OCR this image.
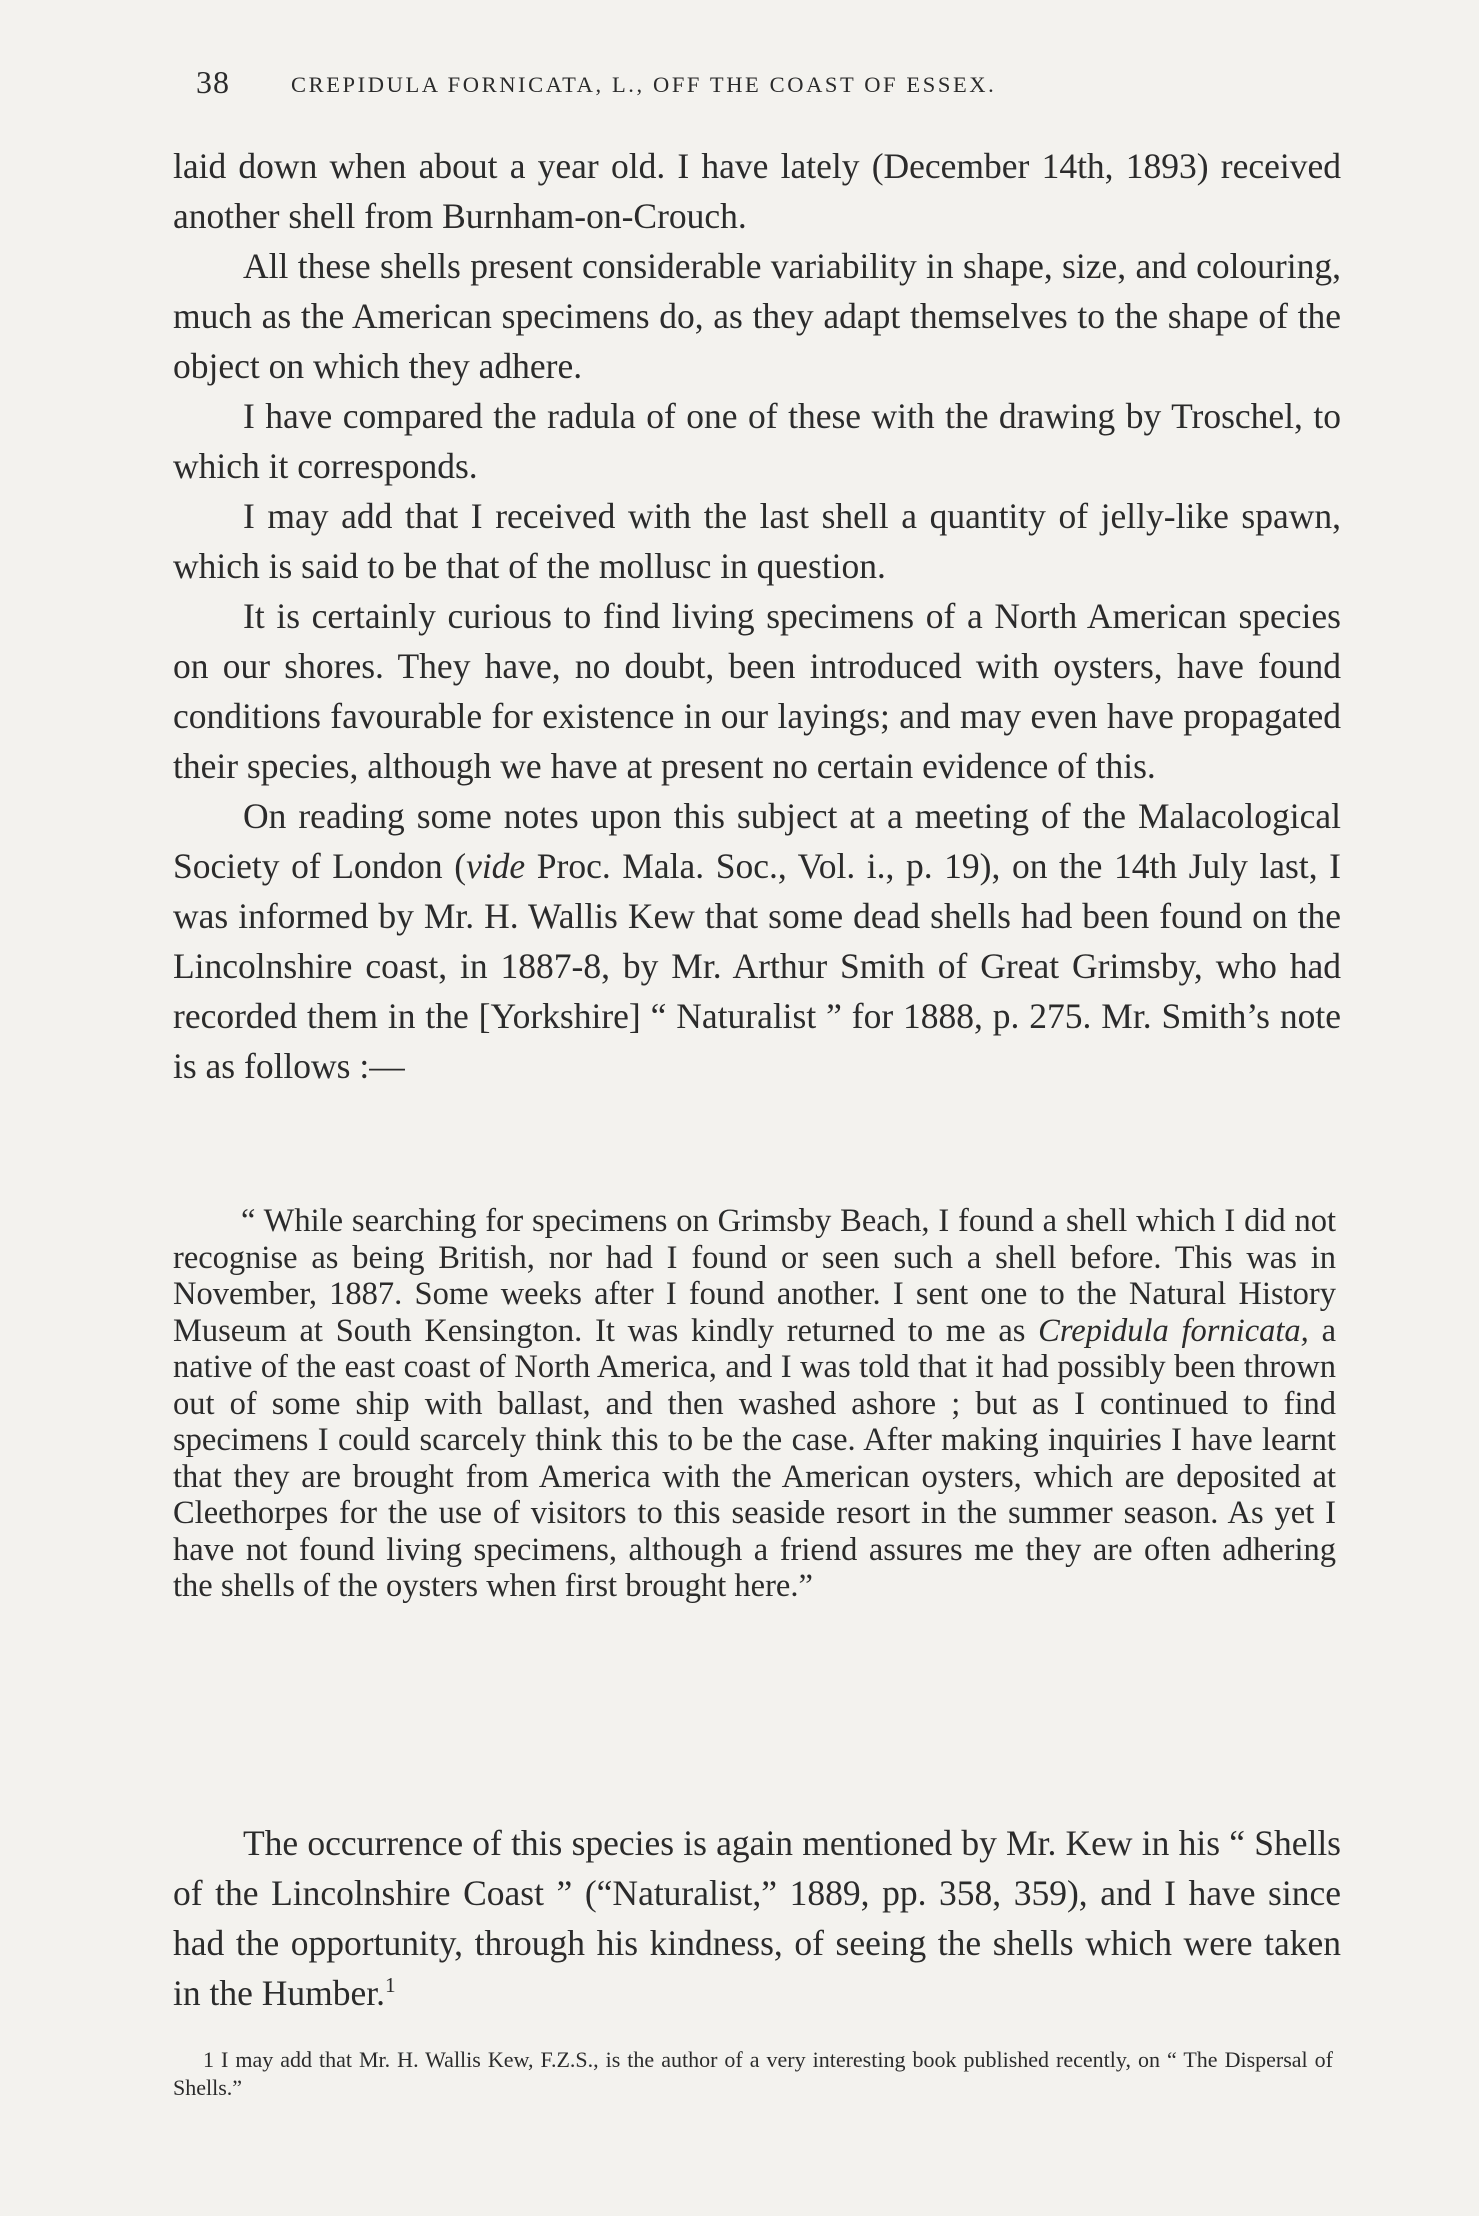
38	CREPIDULA FORNICATA, L., OFF THE COAST OF ESSEX.

laid down when about a year old. I have lately (December 14th, 1893) received another shell from Burnham-on-Crouch.

All these shells present considerable variability in shape, size, and colouring, much as the American specimens do, as they adapt themselves to the shape of the object on which they adhere.

I have compared the radula of one of these with the drawing by Troschel, to which it corresponds.

I may add that I received with the last shell a quantity of jelly-like spawn, which is said to be that of the mollusc in question.

It is certainly curious to find living specimens of a North American species on our shores. They have, no doubt, been introduced with oysters, have found conditions favourable for existence in our layings; and may even have propagated their species, although we have at present no certain evidence of this.

On reading some notes upon this subject at a meeting of the Malacological Society of London (vide Proc. Mala. Soc., Vol. i., p. 19), on the 14th July last, I was informed by Mr. H. Wallis Kew that some dead shells had been found on the Lincolnshire coast, in 1887-8, by Mr. Arthur Smith of Great Grimsby, who had recorded them in the [Yorkshire] “ Naturalist ” for 1888, p. 275. Mr. Smith’s note is as follows :—

“ While searching for specimens on Grimsby Beach, I found a shell which I did not recognise as being British, nor had I found or seen such a shell before. This was in November, 1887. Some weeks after I found another. I sent one to the Natural History Museum at South Kensington. It was kindly returned to me as Crepidula fornicata, a native of the east coast of North America, and I was told that it had possibly been thrown out of some ship with ballast, and then washed ashore ; but as I continued to find specimens I could scarcely think this to be the case. After making inquiries I have learnt that they are brought from America with the American oysters, which are deposited at Cleethorpes for the use of visitors to this seaside resort in the summer season. As yet I have not found living specimens, although a friend assures me they are often adhering the shells of the oysters when first brought here.”

The occurrence of this species is again mentioned by Mr. Kew in his “ Shells of the Lincolnshire Coast ” (“Naturalist,” 1889, pp. 358, 359), and I have since had the opportunity, through his kindness, of seeing the shells which were taken in the Humber.$^1$

1 I may add that Mr. H. Wallis Kew, F.Z.S., is the author of a very interesting book published recently, on “ The Dispersal of Shells.”
